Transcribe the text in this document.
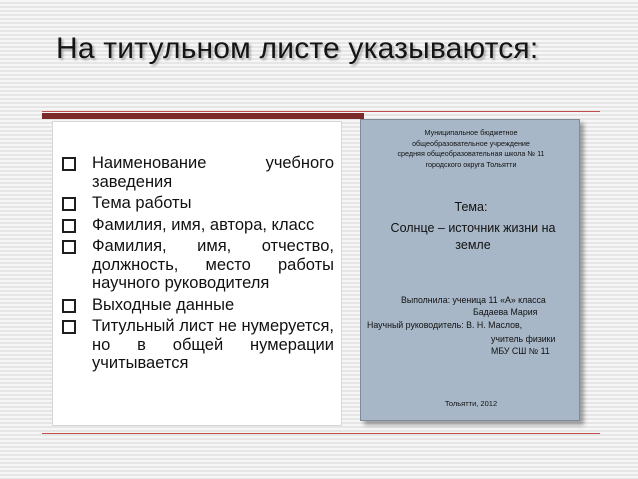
На титульном листе указываются:
Наименование учебного заведения
Тема работы
Фамилия, имя, автора, класс
Фамилия, имя, отчество, должность, место работы научного руководителя
Выходные данные
Титульный лист не нумеруется, но в общей нумерации учитывается
Муниципальное бюджетное
общеобразовательное учреждение
средняя общеобразовательная школа № 11
городского округа Тольятти
Тема:
Солнце – источник жизни на земле
Выполнила: ученица 11 «А» класса
Бадаева Мария
Научный руководитель: В. Н. Маслов,
учитель физики
МБУ СШ № 11
Тольятти, 2012
